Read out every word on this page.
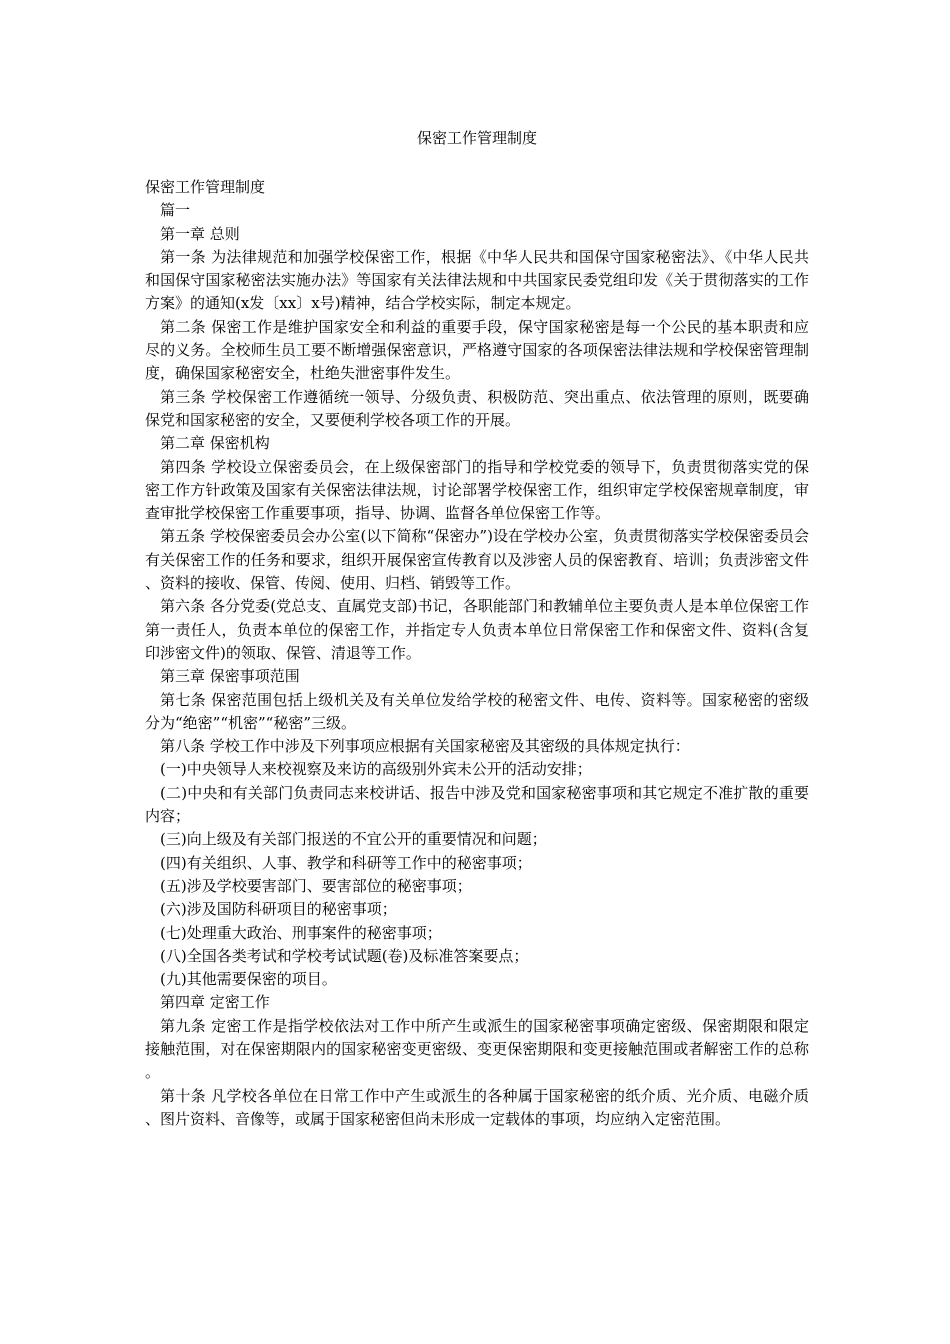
保密工作管理制度

保密工作管理制度

篇一

第一章 总则

第一条 为法律规范和加强学校保密工作，根据《中华人民共和国保守国家秘密法》、《中华人民共和国保守国家秘密法实施办法》等国家有关法律法规和中共国家民委党组印发《关于贯彻落实的工作方案》的通知(x发〔xx〕x号)精神，结合学校实际，制定本规定。

第二条 保密工作是维护国家安全和利益的重要手段，保守国家秘密是每一个公民的基本职责和应尽的义务。全校师生员工要不断增强保密意识，严格遵守国家的各项保密法律法规和学校保密管理制度，确保国家秘密安全，杜绝失泄密事件发生。

第三条 学校保密工作遵循统一领导、分级负责、积极防范、突出重点、依法管理的原则，既要确保党和国家秘密的安全，又要便利学校各项工作的开展。

第二章 保密机构

第四条 学校设立保密委员会，在上级保密部门的指导和学校党委的领导下，负责贯彻落实党的保密工作方针政策及国家有关保密法律法规，讨论部署学校保密工作，组织审定学校保密规章制度，审查审批学校保密工作重要事项，指导、协调、监督各单位保密工作等。

第五条 学校保密委员会办公室(以下简称“保密办”)设在学校办公室，负责贯彻落实学校保密委员会有关保密工作的任务和要求，组织开展保密宣传教育以及涉密人员的保密教育、培训；负责涉密文件、资料的接收、保管、传阅、使用、归档、销毁等工作。

第六条 各分党委(党总支、直属党支部)书记，各职能部门和教辅单位主要负责人是本单位保密工作第一责任人，负责本单位的保密工作，并指定专人负责本单位日常保密工作和保密文件、资料(含复印涉密文件)的领取、保管、清退等工作。

第三章 保密事项范围

第七条 保密范围包括上级机关及有关单位发给学校的秘密文件、电传、资料等。国家秘密的密级分为“绝密”“机密”“秘密”三级。

第八条 学校工作中涉及下列事项应根据有关国家秘密及其密级的具体规定执行：

(一)中央领导人来校视察及来访的高级别外宾未公开的活动安排；

(二)中央和有关部门负责同志来校讲话、报告中涉及党和国家秘密事项和其它规定不准扩散的重要内容；

(三)向上级及有关部门报送的不宜公开的重要情况和问题；

(四)有关组织、人事、教学和科研等工作中的秘密事项；

(五)涉及学校要害部门、要害部位的秘密事项；

(六)涉及国防科研项目的秘密事项；

(七)处理重大政治、刑事案件的秘密事项；

(八)全国各类考试和学校考试试题(卷)及标准答案要点；

(九)其他需要保密的项目。

第四章 定密工作

第九条 定密工作是指学校依法对工作中所产生或派生的国家秘密事项确定密级、保密期限和限定接触范围，对在保密期限内的国家秘密变更密级、变更保密期限和变更接触范围或者解密工作的总称。

第十条 凡学校各单位在日常工作中产生或派生的各种属于国家秘密的纸介质、光介质、电磁介质、图片资料、音像等，或属于国家秘密但尚未形成一定载体的事项，均应纳入定密范围。
